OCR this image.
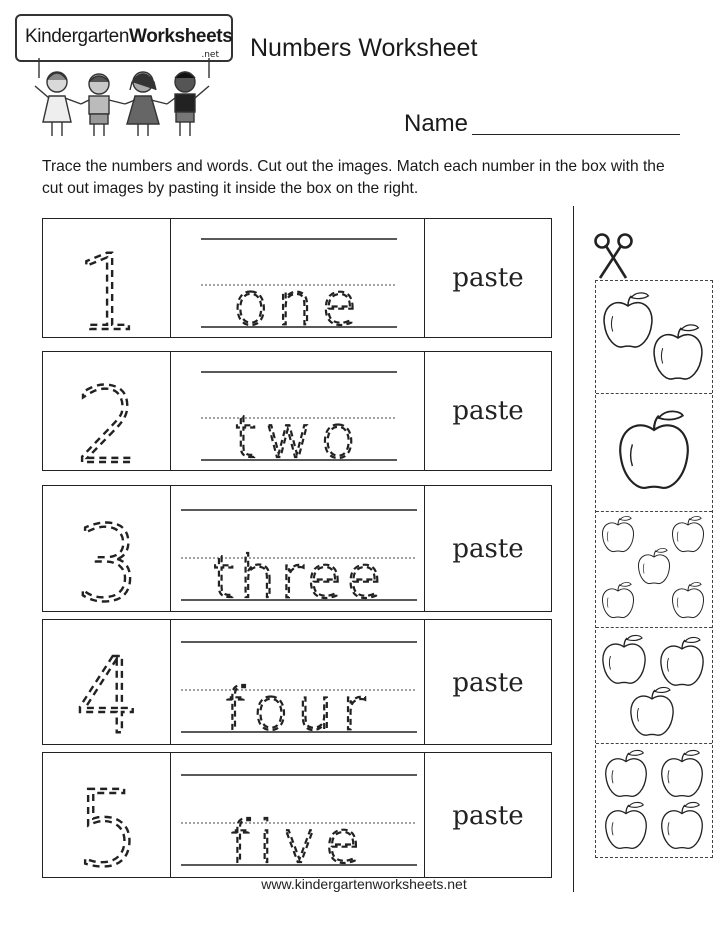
KindergartenWorksheets
.net Numbers Worksheet
Name

Trace the numbers and words. Cut out the images. Match each number in the box with the cut out images by pasting it inside the box on the right.

1 one	paste
2 two	paste
3 three	paste
4 four	paste
5 five	paste
www.kindergartenworksheets.net
